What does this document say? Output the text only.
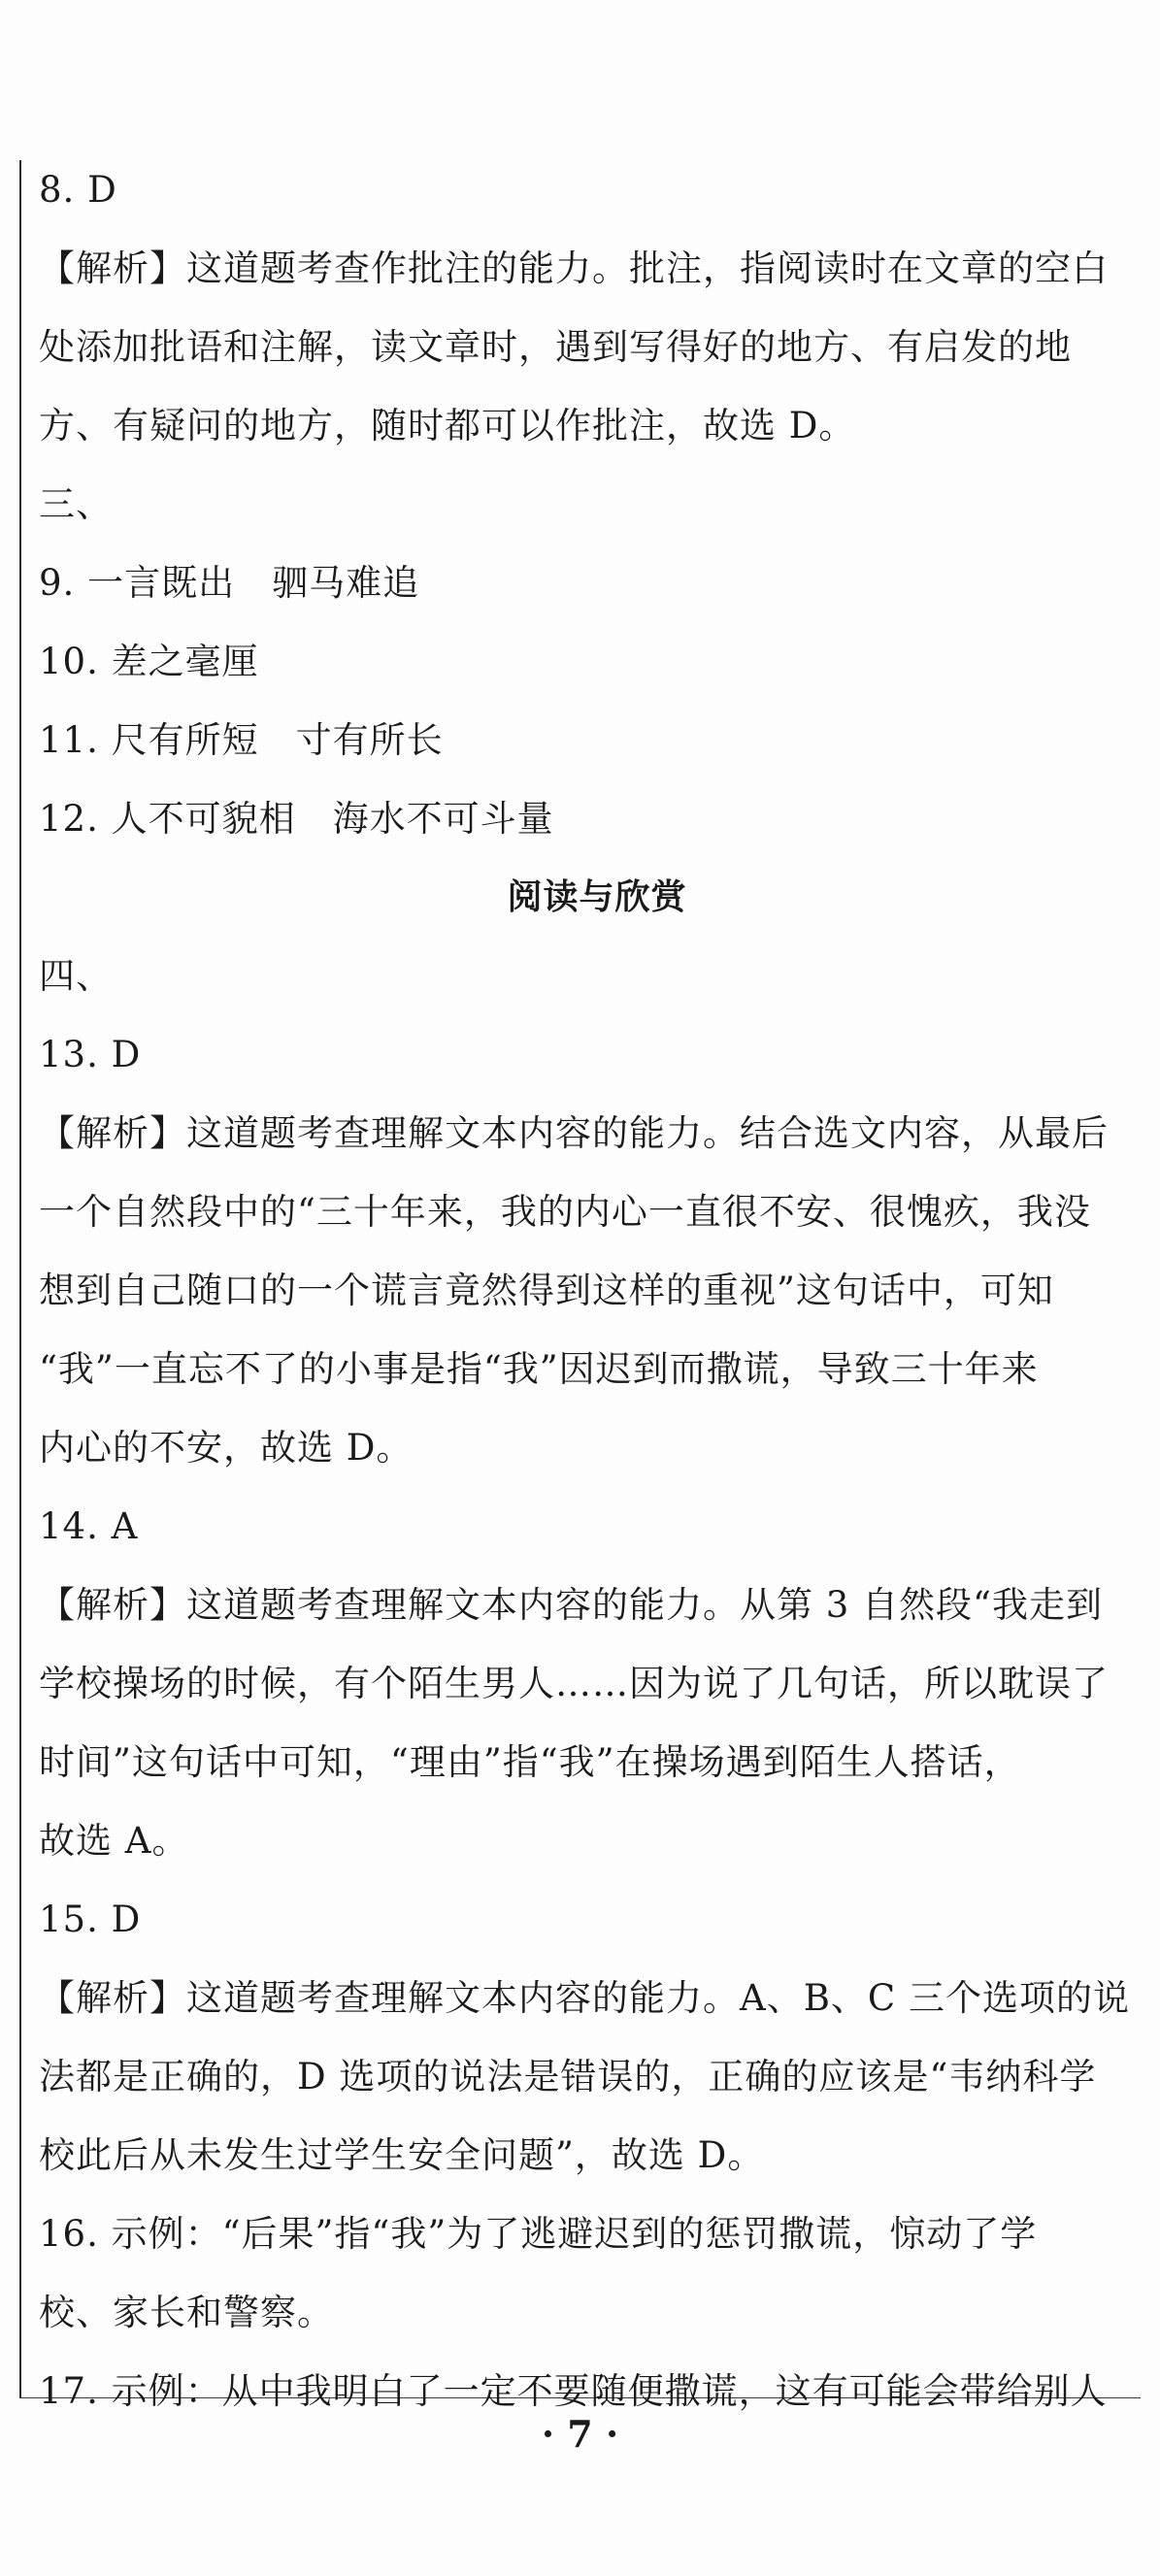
8. D
【解析】这道题考查作批注的能力。批注，指阅读时在文章的空白
处添加批语和注解，读文章时，遇到写得好的地方、有启发的地
方、有疑问的地方，随时都可以作批注，故选 D。
三、
9. 一言既出　驷马难追
10. 差之毫厘
11. 尺有所短　寸有所长
12. 人不可貌相　海水不可斗量
阅读与欣赏
四、
13. D
【解析】这道题考查理解文本内容的能力。结合选文内容，从最后
一个自然段中的“三十年来，我的内心一直很不安、很愧疚，我没
想到自己随口的一个谎言竟然得到这样的重视”这句话中，可知
“我”一直忘不了的小事是指“我”因迟到而撒谎，导致三十年来
内心的不安，故选 D。
14. A
【解析】这道题考查理解文本内容的能力。从第 3 自然段“我走到
学校操场的时候，有个陌生男人……因为说了几句话，所以耽误了
时间”这句话中可知，“理由”指“我”在操场遇到陌生人搭话，
故选 A。
15. D
【解析】这道题考查理解文本内容的能力。A、B、C 三个选项的说
法都是正确的，D 选项的说法是错误的，正确的应该是“韦纳科学
校此后从未发生过学生安全问题”，故选 D。
16. 示例：“后果”指“我”为了逃避迟到的惩罚撒谎，惊动了学
校、家长和警察。
17. 示例：从中我明白了一定不要随便撒谎，这有可能会带给别人
· 7 ·
